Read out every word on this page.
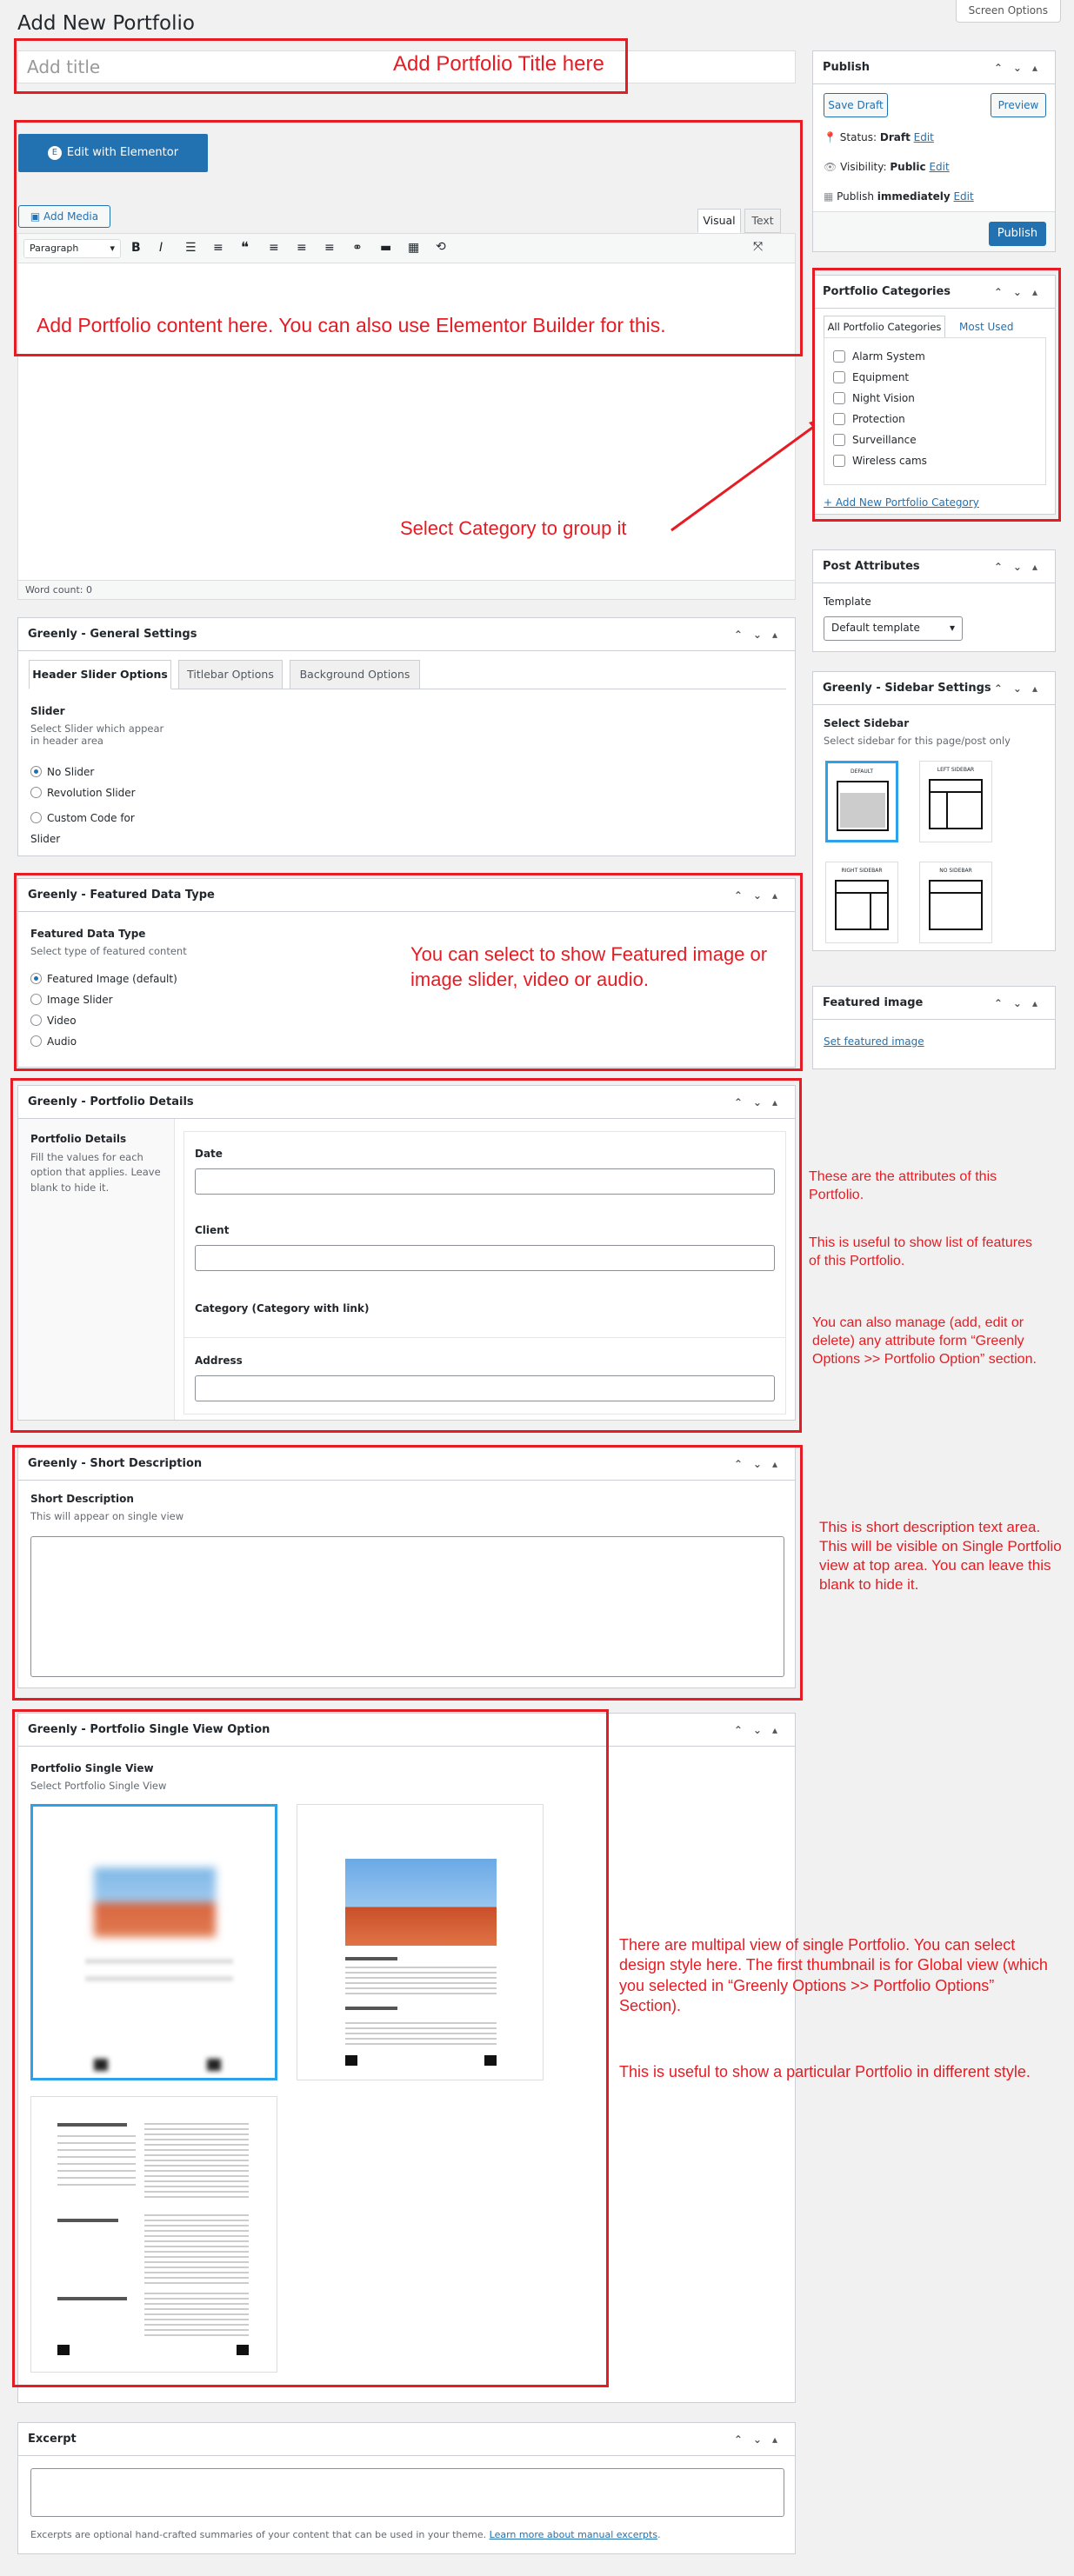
Screen Options
Add New Portfolio
Add title	Add Portfolio Title here
E Edit with Elementor
▣ Add Media	Visual	Text
Paragraph	▾ B I ☰ ≡ ❝ ≡ ≡ ≡ ⚭ ▬ ▦ ⟲	⤧
Word count: 0
Add Portfolio content here. You can also use Elementor Builder for this.
Select Category to group it
Greenly - General Settings	⌃⌄▴
Header Slider Options	Titlebar Options	Background Options
Slider
Select Slider which appear in header area
No Slider
Revolution Slider
Custom Code for Slider
Greenly - Featured Data Type	⌃⌄▴
Featured Data Type
Select type of featured content
Featured Image (default)
Image Slider
Video
Audio
You can select to show Featured image or image slider, video or audio.
Greenly - Portfolio Details	⌃⌄▴
Portfolio Details
Fill the values for each option that applies. Leave blank to hide it.
Date
Client
Category (Category with link)
Address
These are the attributes of this Portfolio.
This is useful to show list of features of this Portfolio.
You can also manage (add, edit or delete) any attribute form “Greenly Options >> Portfolio Option” section.
Greenly - Short Description	⌃⌄▴
Short Description
This will appear on single view
This is short description text area. This will be visible on Single Portfolio view at top area. You can leave this blank to hide it.
Greenly - Portfolio Single View Option	⌃⌄▴
Portfolio Single View
Select Portfolio Single View
There are multipal view of single Portfolio. You can select design style here. The first thumbnail is for Global view (which you selected in “Greenly Options >> Portfolio Options” Section).
This is useful to show a particular Portfolio in different style.
Excerpt	⌃⌄▴
Excerpts are optional hand-crafted summaries of your content that can be used in your theme. Learn more about manual excerpts.
Publish	⌃⌄▴
Save Draft	Preview
📍 Status: Draft Edit
👁 Visibility: Public Edit
▦ Publish immediately Edit
Publish
Portfolio Categories	⌃⌄▴
All Portfolio Categories	Most Used
Alarm System
Equipment
Night Vision
Protection
Surveillance
Wireless cams
+ Add New Portfolio Category
Post Attributes	⌃⌄▴
Template
Default template	▾
Greenly - Sidebar Settings ⌃⌄▴
Select Sidebar
Select sidebar for this page/post only
DEFAULT	LEFT SIDEBAR
RIGHT SIDEBAR	NO SIDEBAR
Featured image	⌃⌄▴
Set featured image
